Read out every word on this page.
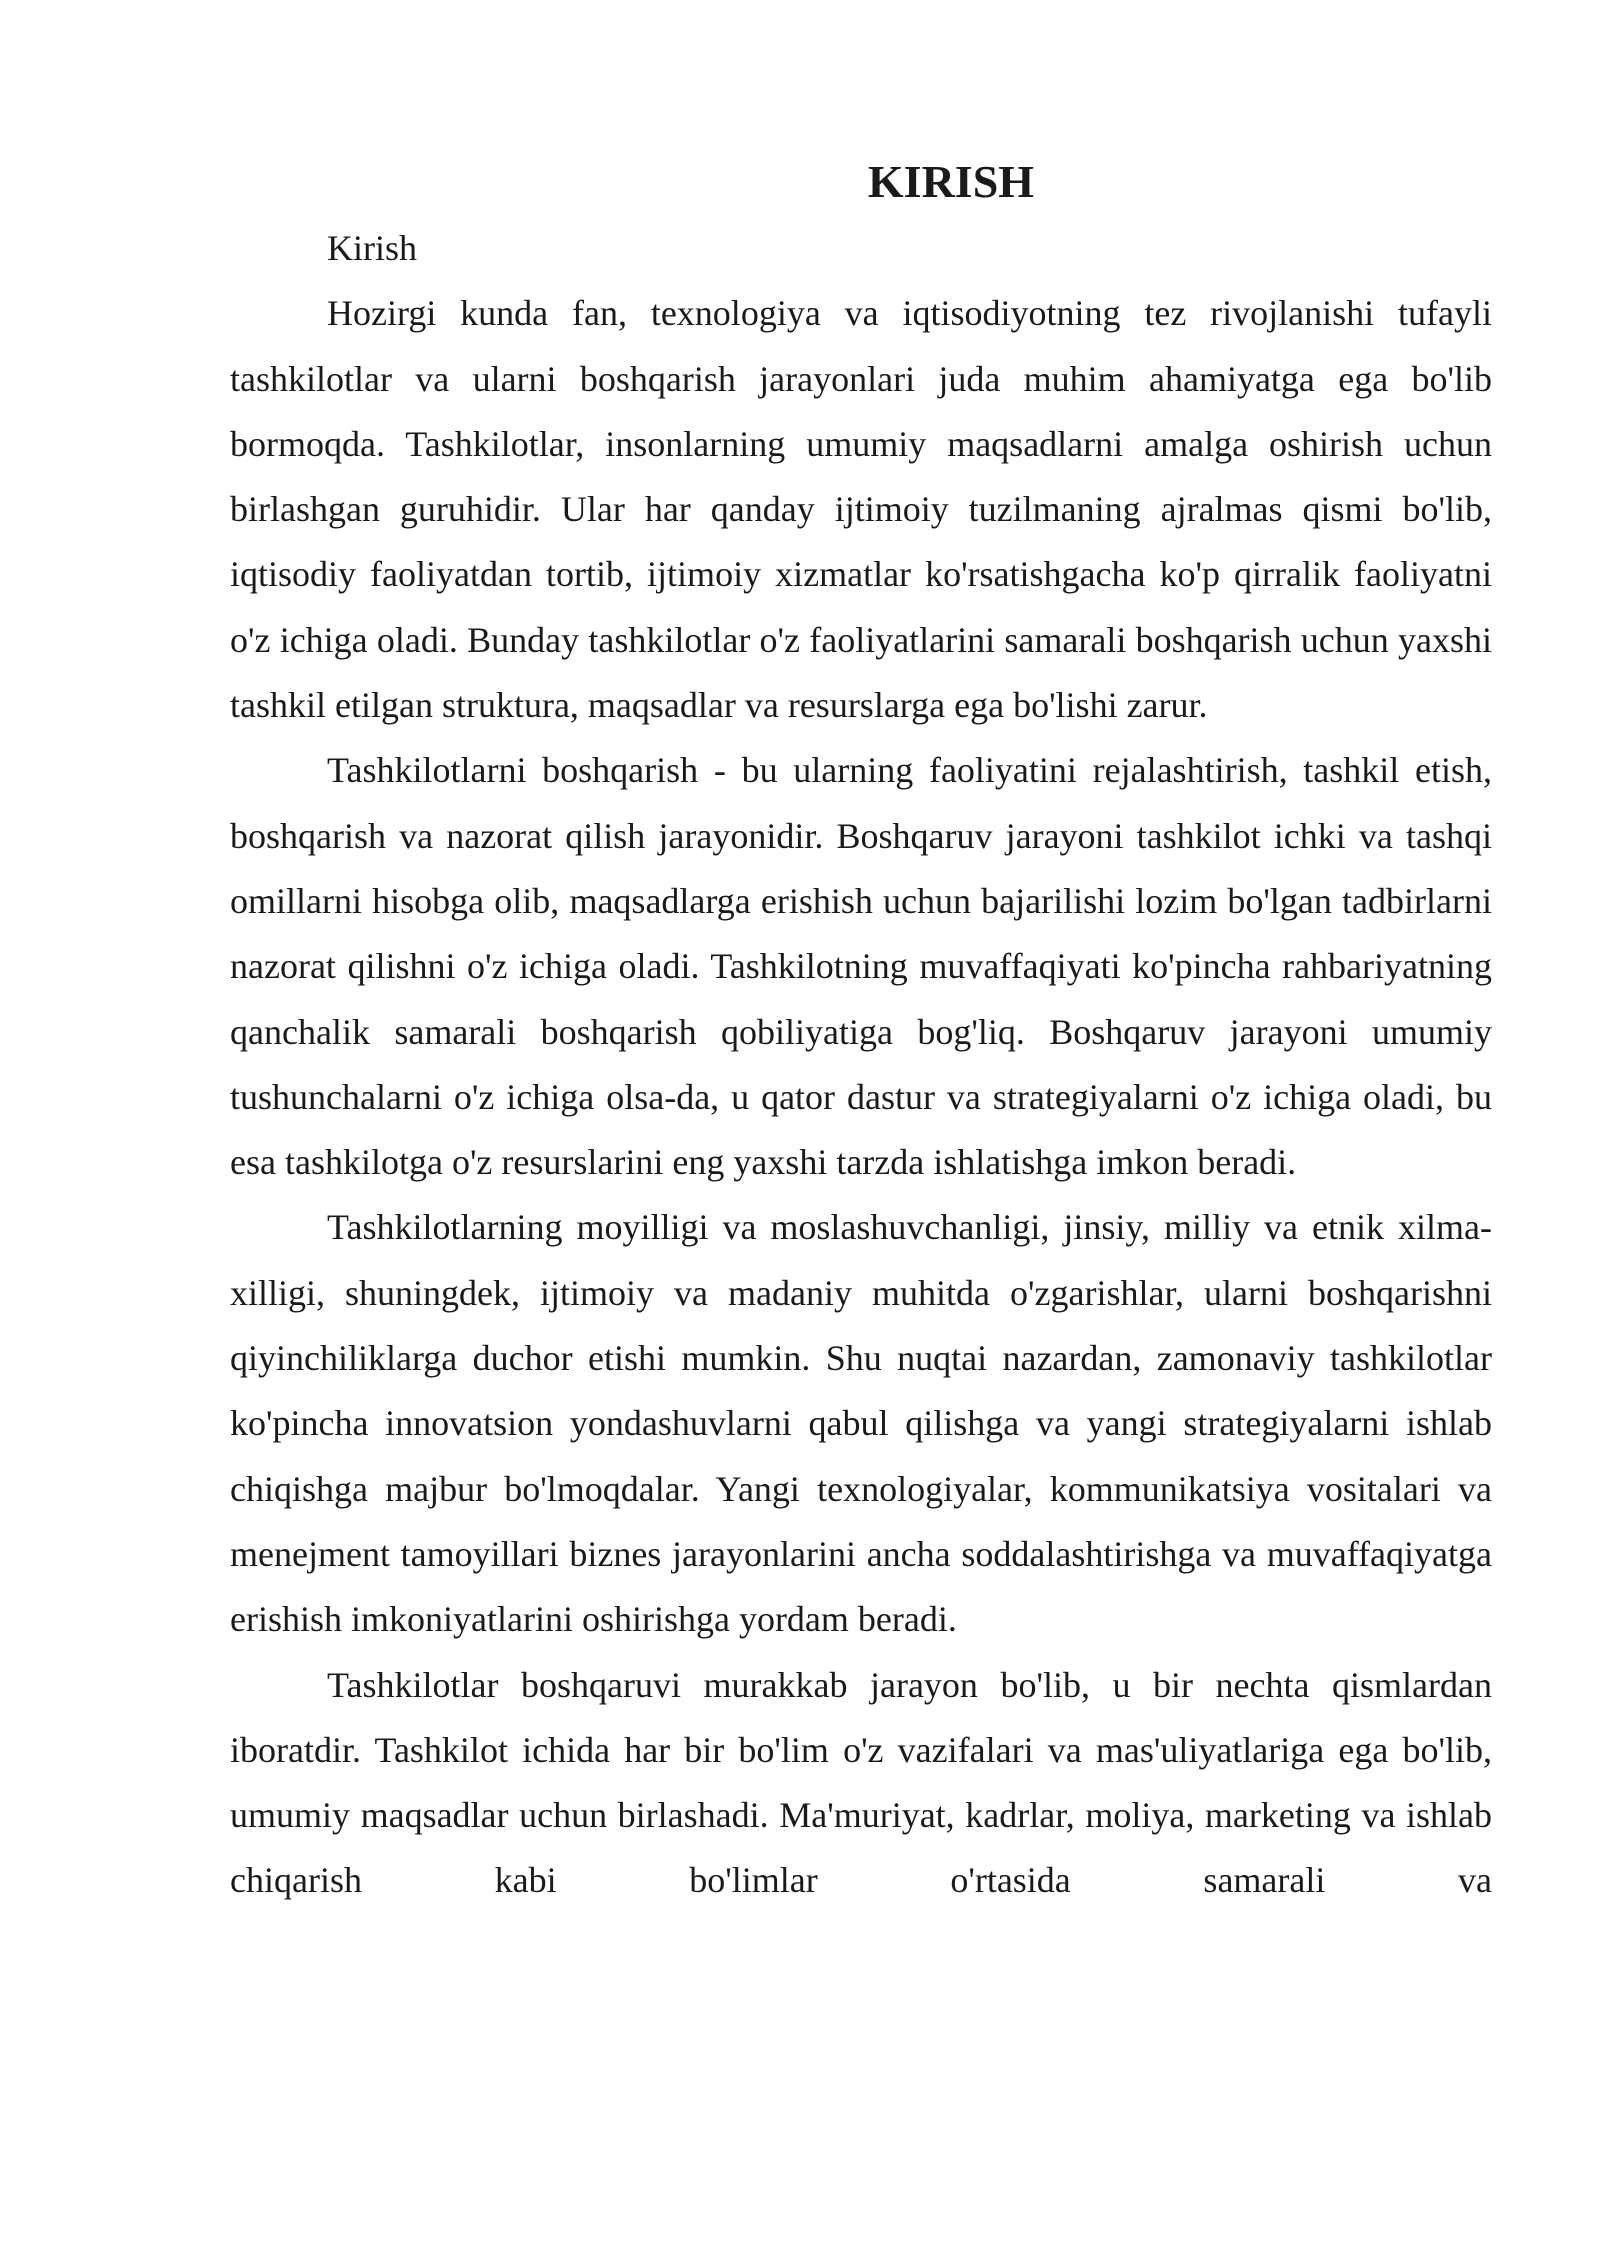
KIRISH

Kirish

Hozirgi kunda fan, texnologiya va iqtisodiyotning tez rivojlanishi tufayli tashkilotlar va ularni boshqarish jarayonlari juda muhim ahamiyatga ega bo'lib bormoqda. Tashkilotlar, insonlarning umumiy maqsadlarni amalga oshirish uchun birlashgan guruhidir. Ular har qanday ijtimoiy tuzilmaning ajralmas qismi bo'lib, iqtisodiy faoliyatdan tortib, ijtimoiy xizmatlar ko'rsatishgacha ko'p qirralik faoliyatni o'z ichiga oladi. Bunday tashkilotlar o'z faoliyatlarini samarali boshqarish uchun yaxshi tashkil etilgan struktura, maqsadlar va resurslarga ega bo'lishi zarur.

Tashkilotlarni boshqarish - bu ularning faoliyatini rejalashtirish, tashkil etish, boshqarish va nazorat qilish jarayonidir. Boshqaruv jarayoni tashkilot ichki va tashqi omillarni hisobga olib, maqsadlarga erishish uchun bajarilishi lozim bo'lgan tadbirlarni nazorat qilishni o'z ichiga oladi. Tashkilotning muvaffaqiyati ko'pincha rahbariyatning qanchalik samarali boshqarish qobiliyatiga bog'liq. Boshqaruv jarayoni umumiy tushunchalarni o'z ichiga olsa-da, u qator dastur va strategiyalarni o'z ichiga oladi, bu esa tashkilotga o'z resurslarini eng yaxshi tarzda ishlatishga imkon beradi.

Tashkilotlarning moyilligi va moslashuvchanligi, jinsiy, milliy va etnik xilma-xilligi, shuningdek, ijtimoiy va madaniy muhitda o'zgarishlar, ularni boshqarishni qiyinchiliklarga duchor etishi mumkin. Shu nuqtai nazardan, zamonaviy tashkilotlar ko'pincha innovatsion yondashuvlarni qabul qilishga va yangi strategiyalarni ishlab chiqishga majbur bo'lmoqdalar. Yangi texnologiyalar, kommunikatsiya vositalari va menejment tamoyillari biznes jarayonlarini ancha soddalashtirishga va muvaffaqiyatga erishish imkoniyatlarini oshirishga yordam beradi.

Tashkilotlar boshqaruvi murakkab jarayon bo'lib, u bir nechta qismlardan iboratdir. Tashkilot ichida har bir bo'lim o'z vazifalari va mas'uliyatlariga ega bo'lib, umumiy maqsadlar uchun birlashadi. Ma'muriyat, kadrlar, moliya, marketing va ishlab chiqarish kabi bo'limlar o'rtasida samarali va
